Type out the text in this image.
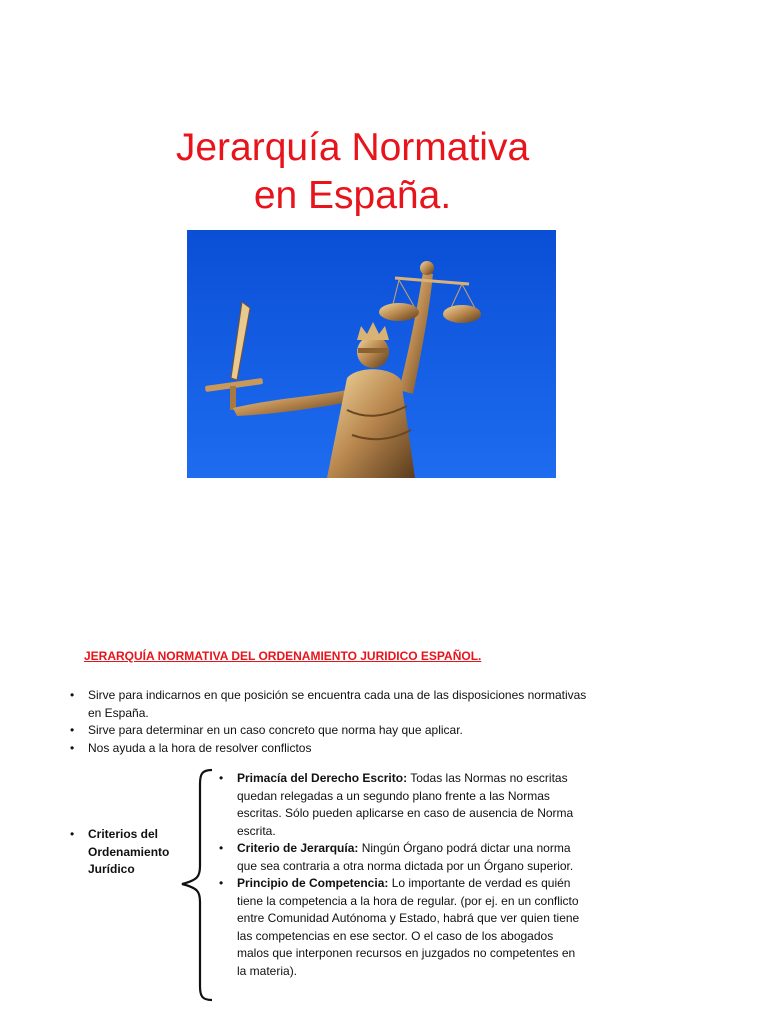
Jerarquía Normativa
en España.
JERARQUÍA NORMATIVA DEL ORDENAMIENTO JURIDICO ESPAÑOL.
• Sirve para indicarnos en que posición se encuentra cada una de las disposiciones normativas en España.
• Sirve para determinar en un caso concreto que norma hay que aplicar.
• Nos ayuda a la hora de resolver conflictos
•	Criterios del Ordenamiento Jurídico
• Primacía del Derecho Escrito: Todas las Normas no escritas quedan relegadas a un segundo plano frente a las Normas escritas. Sólo pueden aplicarse en caso de ausencia de Norma escrita.
• Criterio de Jerarquía: Ningún Órgano podrá dictar una norma que sea contraria a otra norma dictada por un Órgano superior.
• Principio de Competencia: Lo importante de verdad es quién tiene la competencia a la hora de regular. (por ej. en un conflicto entre Comunidad Autónoma y Estado, habrá que ver quien tiene las competencias en ese sector. O el caso de los abogados malos que interponen recursos en juzgados no competentes en la materia).
